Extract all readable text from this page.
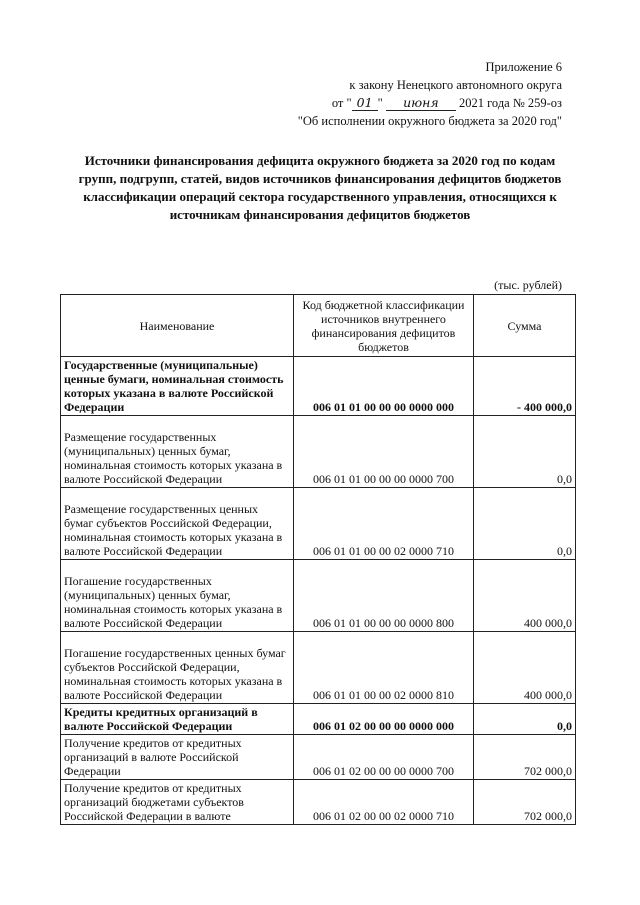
Приложение 6
к закону Ненецкого автономного округа
от " 01 " июня 2021 года № 259-оз
"Об исполнении окружного бюджета за 2020 год"
Источники финансирования дефицита окружного бюджета за 2020 год по кодам групп, подгрупп, статей, видов источников финансирования дефицитов бюджетов классификации операций сектора государственного управления, относящихся к источникам финансирования дефицитов бюджетов
(тыс. рублей)
Наименование	Код бюджетной классификации источников внутреннего финансирования дефицитов бюджетов	Сумма
Государственные (муниципальные) ценные бумаги, номинальная стоимость которых указана в валюте Российской Федерации	006 01 01 00 00 00 0000 000	- 400 000,0
Размещение государственных (муниципальных) ценных бумаг, номинальная стоимость которых указана в валюте Российской Федерации	006 01 01 00 00 00 0000 700	0,0
Размещение государственных ценных бумаг субъектов Российской Федерации, номинальная стоимость которых указана в валюте Российской Федерации	006 01 01 00 00 02 0000 710	0,0
Погашение государственных (муниципальных) ценных бумаг, номинальная стоимость которых указана в валюте Российской Федерации	006 01 01 00 00 00 0000 800	400 000,0
Погашение государственных ценных бумаг субъектов Российской Федерации, номинальная стоимость которых указана в валюте Российской Федерации	006 01 01 00 00 02 0000 810	400 000,0
Кредиты кредитных организаций в валюте Российской Федерации	006 01 02 00 00 00 0000 000	0,0
Получение кредитов от кредитных организаций в валюте Российской Федерации	006 01 02 00 00 00 0000 700	702 000,0
Получение кредитов от кредитных организаций бюджетами субъектов Российской Федерации в валюте	006 01 02 00 00 02 0000 710	702 000,0
